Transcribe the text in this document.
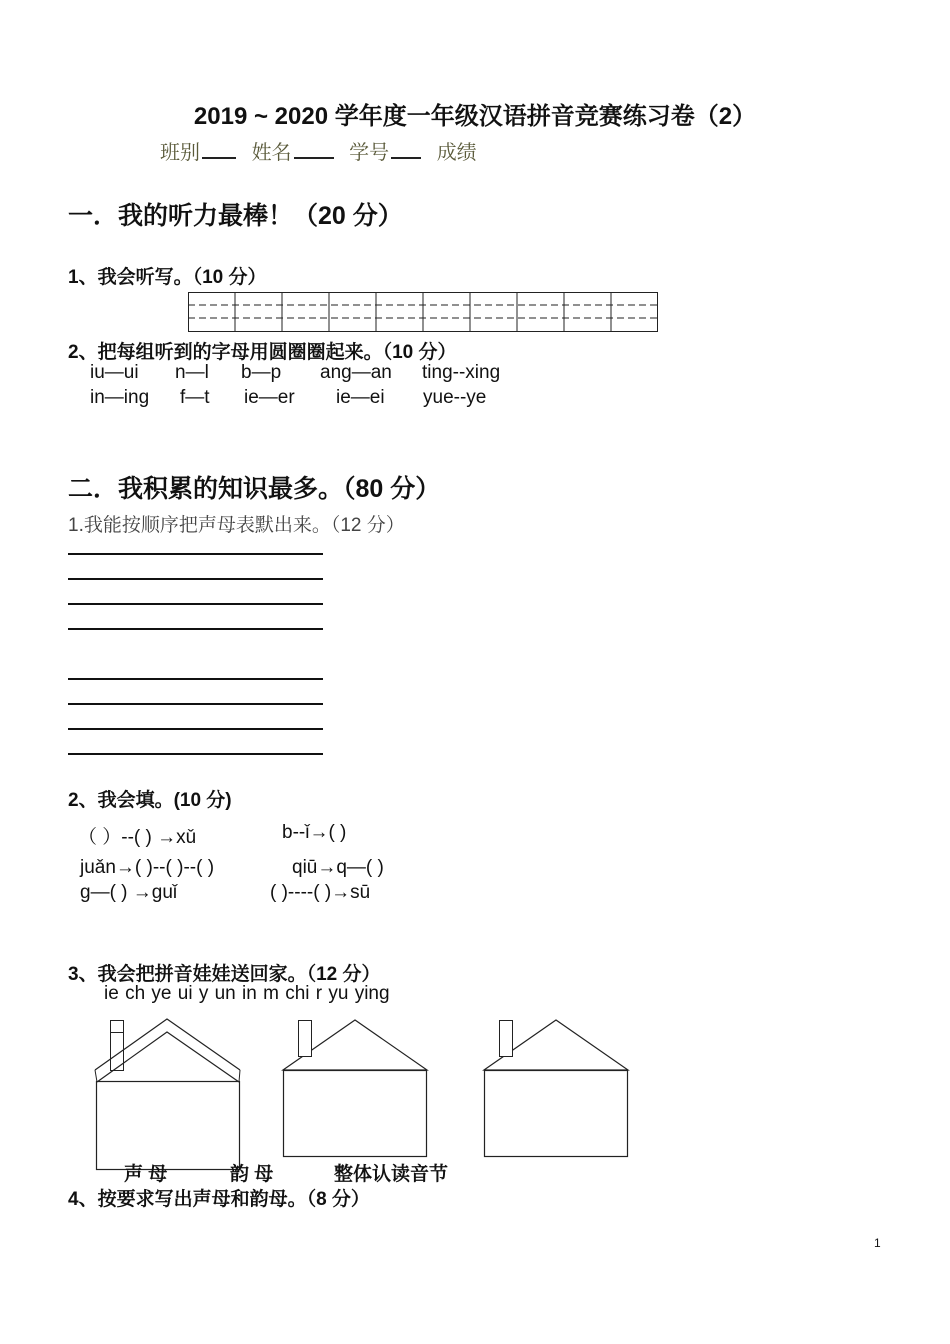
2019 ~ 2020 学年度一年级汉语拼音竞赛练习卷（2）
班别	姓名	学号 成绩
一．我的听力最棒！（20 分）
1、我会听写。（10 分）
2、把每组听到的字母用圆圈圈起来。（10 分）
iu—ui n—l b—p ang—an ting--xing
in—ing f—t ie—er ie—ei yue--ye
二．我积累的知识最多。（80 分）
1.我能按顺序把声母表默出来。（12 分）
2、我会填。(10 分)
（ ）--( ) →xǔ	b--ǐ→( )
juǎn→( )--( )--( )	qiū→q—( )
g—( ) →guǐ	( )----( )→sū
3、我会把拼音娃娃送回家。（12 分）
ie ch ye ui y un in m chi r yu ying
声 母	韵 母	整体认读音节
4、按要求写出声母和韵母。（8 分）
1
